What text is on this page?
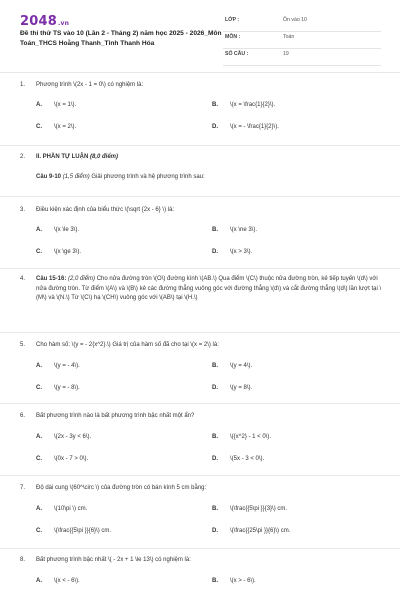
2048.vn
Đề thi thử TS vào 10 (Lần 2 - Tháng 2) năm học 2025 - 2026_Môn Toán_THCS Hoằng Thanh_Tỉnh Thanh Hóa
LỚP :	Ôn vào 10
MÔN :	Toán
SỐ CÂU :	19
1.	Phương trình \(2x - 1 = 0\) có nghiệm là:
A. \(x = 1\).	B. \(x = \frac{1}{2}\).
C. \(x = 2\).	D. \(x = - \frac{1}{2}\).
2.	II. PHẦN TỰ LUẬN (8,0 điểm)
Câu 9-10 (1,5 điểm) Giải phương trình và hệ phương trình sau:
3.	Điều kiện xác định của biểu thức \(\sqrt {2x - 6} \) là:
A. \(x \le 3\).	B. \(x \ne 3\).
C. \(x \ge 3\).	D. \(x > 3\).
4.	Câu 15-16: (2,0 điểm) Cho nửa đường tròn \(O\) đường kính \(AB.\) Qua điểm \(C\) thuộc nửa đường tròn, kẻ tiếp tuyến \(d\) với nửa đường tròn. Từ điểm \(A\) và \(B\) kẻ các đường thẳng vuông góc với đường thẳng \(d\) và cắt đường thẳng \(d\) lần lượt tại \(M\) và \(N.\) Từ \(C\) hạ \(CH\) vuông góc với \(AB\) tại \(H.\)
5.	Cho hàm số: \(y = - 2{x^2}.\) Giá trị của hàm số đã cho tại \(x = 2\) là:
A. \(y = - 4\).	B. \(y = 4\).
C. \(y = - 8\).	D. \(y = 8\).
6.	Bất phương trình nào là bất phương trình bậc nhất một ẩn?
A. \(2x - 3y < 6\).	B. \({x^2} - 1 < 0\).
C. \(0x - 7 > 0\).	D. \(5x - 3 < 0\).
7.	Độ dài cung \(60^\circ \) của đường tròn có bán kính 5 cm bằng:
A. \(10\pi \) cm.	B. \(\frac{{5\pi }}{3}\) cm.
C. \(\frac{{5\pi }}{6}\) cm.	D. \(\frac{{25\pi }}{6}\) cm.
8.	Bất phương trình bậc nhất \( - 2x + 1 \le 13\) có nghiệm là:
A. \(x < - 6\).	B. \(x > - 6\).
